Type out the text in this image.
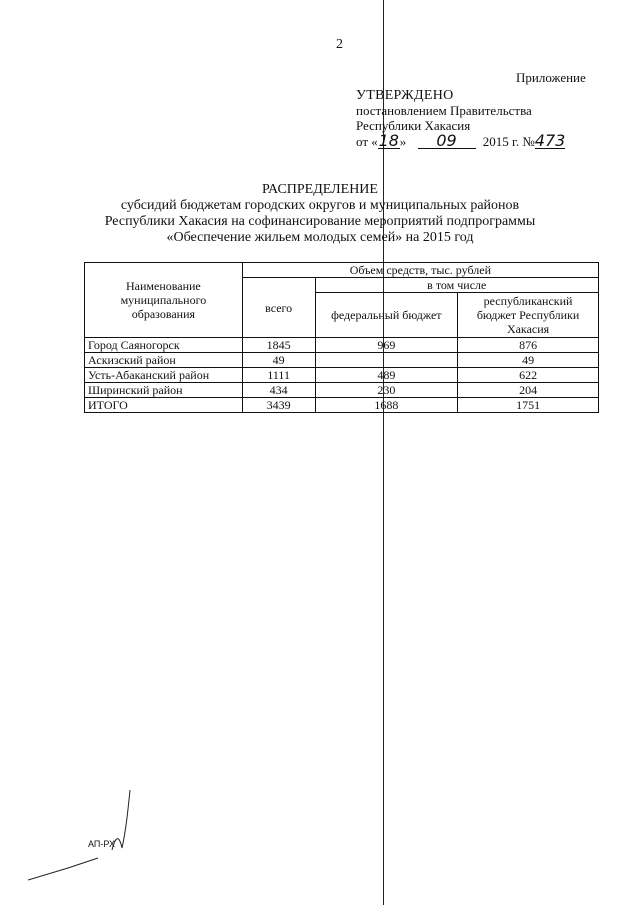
2
Приложение
УТВЕРЖДЕНО
постановлением Правительства
Республики Хакасия
от «18» 09 2015 г. №473
РАСПРЕДЕЛЕНИЕ
субсидий бюджетам городских округов и муниципальных районов
Республики Хакасия на софинансирование мероприятий подпрограммы
«Обеспечение жильем молодых семей» на 2015 год
Наименование муниципального образования	Объем средств, тыс. рублей		
	всего	в том числе	
		федеральный бюджет	республиканский бюджет Республики Хакасия
Город Саяногорск	1845	969	876
Аскизский район	49		49
Усть-Абаканский район	1111	489	622
Ширинский район	434	230	204
ИТОГО	3439	1688	1751
АП-РХ
